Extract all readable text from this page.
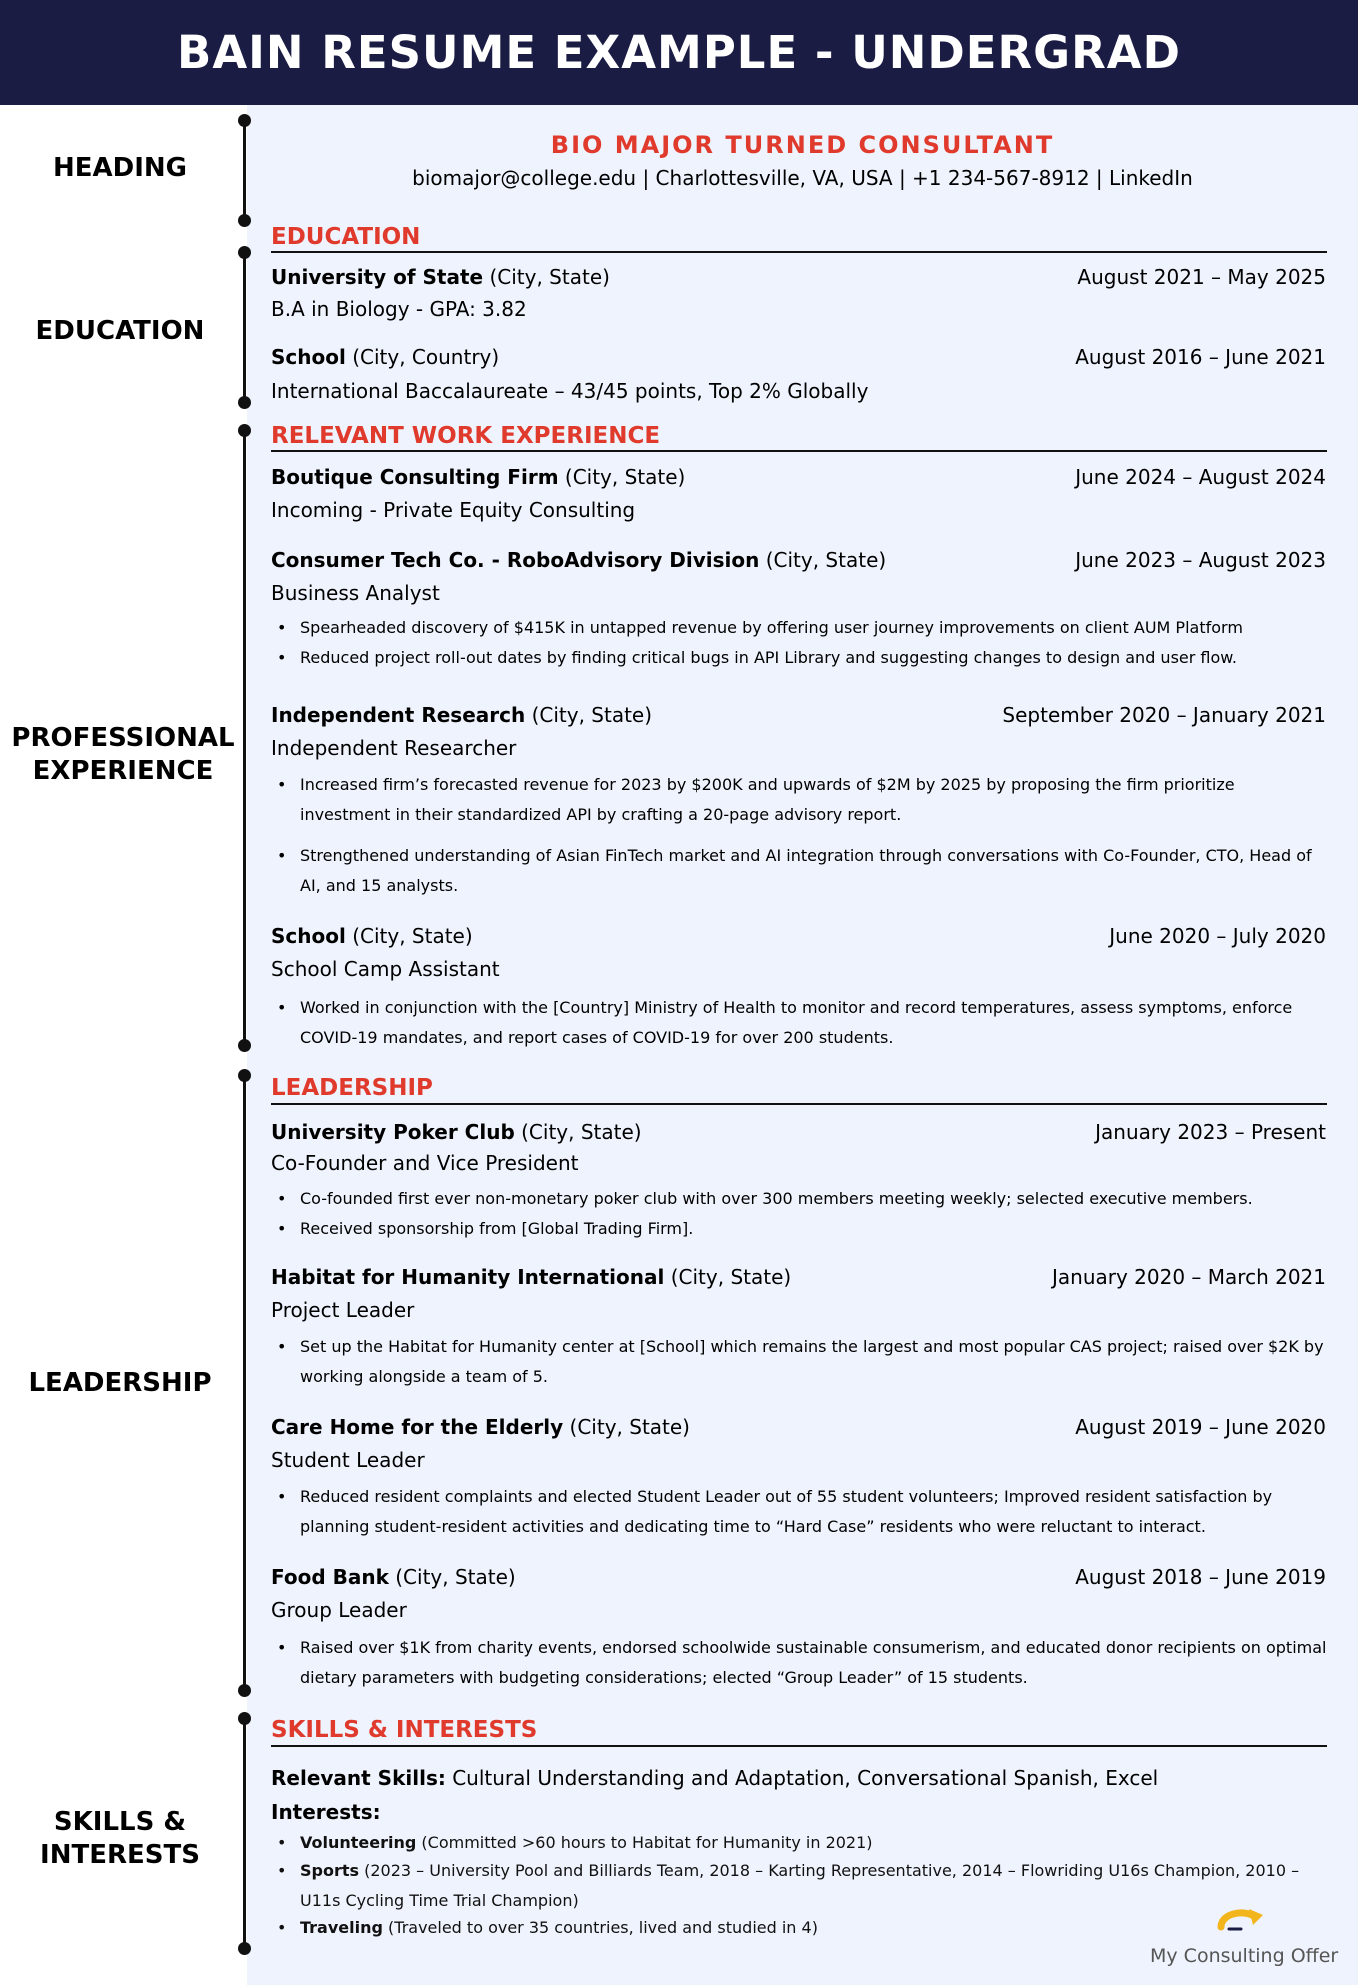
BAIN RESUME EXAMPLE - UNDERGRAD
HEADING
EDUCATION
PROFESSIONAL
EXPERIENCE
LEADERSHIP
SKILLS &
INTERESTS
BIO MAJOR TURNED CONSULTANT
biomajor@college.edu | Charlottesville, VA, USA | +1 234-567-8912 | LinkedIn
EDUCATION
University of State (City, State)	August 2021 – May 2025
B.A in Biology - GPA: 3.82
School (City, Country)	August 2016 – June 2021
International Baccalaureate – 43/45 points, Top 2% Globally
RELEVANT WORK EXPERIENCE
Boutique Consulting Firm (City, State)	June 2024 – August 2024
Incoming - Private Equity Consulting
Consumer Tech Co. - RoboAdvisory Division (City, State)	June 2023 – August 2023
Business Analyst
• Spearheaded discovery of $415K in untapped revenue by offering user journey improvements on client AUM Platform
• Reduced project roll-out dates by finding critical bugs in API Library and suggesting changes to design and user flow.
Independent Research (City, State)	September 2020 – January 2021
Independent Researcher
• Increased firm’s forecasted revenue for 2023 by $200K and upwards of $2M by 2025 by proposing the firm prioritize investment in their standardized API by crafting a 20-page advisory report.
• Strengthened understanding of Asian FinTech market and AI integration through conversations with Co-Founder, CTO, Head of AI, and 15 analysts.
School (City, State)	June 2020 – July 2020
School Camp Assistant
• Worked in conjunction with the [Country] Ministry of Health to monitor and record temperatures, assess symptoms, enforce COVID-19 mandates, and report cases of COVID-19 for over 200 students.
LEADERSHIP
University Poker Club (City, State)	January 2023 – Present
Co-Founder and Vice President
• Co-founded first ever non-monetary poker club with over 300 members meeting weekly; selected executive members.
• Received sponsorship from [Global Trading Firm].
Habitat for Humanity International (City, State)	January 2020 – March 2021
Project Leader
• Set up the Habitat for Humanity center at [School] which remains the largest and most popular CAS project; raised over $2K by working alongside a team of 5.
Care Home for the Elderly (City, State)	August 2019 – June 2020
Student Leader
• Reduced resident complaints and elected Student Leader out of 55 student volunteers; Improved resident satisfaction by planning student-resident activities and dedicating time to “Hard Case” residents who were reluctant to interact.
Food Bank (City, State)	August 2018 – June 2019
Group Leader
• Raised over $1K from charity events, endorsed schoolwide sustainable consumerism, and educated donor recipients on optimal dietary parameters with budgeting considerations; elected “Group Leader” of 15 students.
SKILLS & INTERESTS
Relevant Skills: Cultural Understanding and Adaptation, Conversational Spanish, Excel
Interests:
• Volunteering (Committed >60 hours to Habitat for Humanity in 2021)
• Sports (2023 – University Pool and Billiards Team, 2018 – Karting Representative, 2014 – Flowriding U16s Champion, 2010 – U11s Cycling Time Trial Champion)
• Traveling (Traveled to over 35 countries, lived and studied in 4)
My Consulting Offer
